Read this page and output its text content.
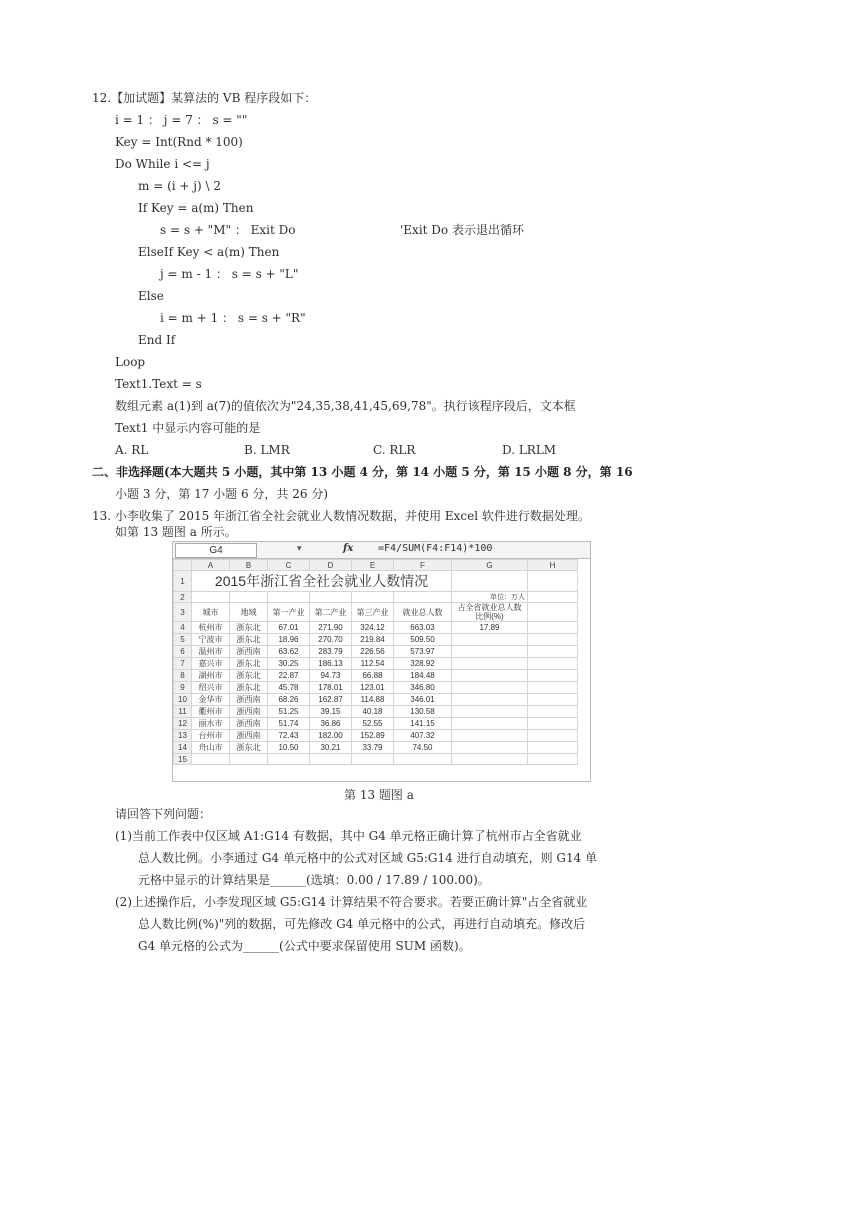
12.【加试题】某算法的 VB 程序段如下：
i = 1 ： j = 7 ： s = ""
Key = Int(Rnd * 100)
Do While i <= j
m = (i + j) \ 2
If Key = a(m) Then
s = s + "M" ： Exit Do	'Exit Do 表示退出循环
ElseIf Key < a(m) Then
j = m - 1 ： s = s + "L"
Else
i = m + 1 ： s = s + "R"
End If
Loop
Text1.Text = s
数组元素 a(1)到 a(7)的值依次为"24,35,38,41,45,69,78"。执行该程序段后，文本框
Text1 中显示内容可能的是
A. RL	B. LMR	C. RLR	D. LRLM
二、非选择题(本大题共 5 小题，其中第 13 小题 4 分，第 14 小题 5 分，第 15 小题 8 分，第 16
小题 3 分，第 17 小题 6 分，共 26 分)
13. 小李收集了 2015 年浙江省全社会就业人数情况数据，并使用 Excel 软件进行数据处理。
如第 13 题图 a 所示。
G4	▾	fx =F4/SUM(F4:F14)*100
	A	B	C	D	E	F	G	H
1	2015年浙江省全社会就业人数情况							
2							单位：万人	
3	城市	地域	第一产业	第二产业	第三产业	就业总人数	占全省就业总人数比例(%)	
4	杭州市	浙东北	67.01	271.90	324.12	663.03	17.89	
5	宁波市	浙东北	18.96	270.70	219.84	509.50		
6	温州市	浙西南	63.62	283.79	226.56	573.97		
7	嘉兴市	浙东北	30.25	186.13	112.54	328.92		
8	湖州市	浙东北	22.87	94.73	66.88	184.48		
9	绍兴市	浙东北	45.78	178.01	123.01	346.80		
10	金华市	浙西南	68.26	162.87	114.88	346.01		
11	衢州市	浙西南	51.25	39.15	40.18	130.58		
12	丽水市	浙西南	51.74	36.86	52.55	141.15		
13	台州市	浙西南	72.43	182.00	152.89	407.32		
14	舟山市	浙东北	10.50	30.21	33.79	74.50		
15								
第 13 题图 a
请回答下列问题：
(1)当前工作表中仅区域 A1:G14 有数据，其中 G4 单元格正确计算了杭州市占全省就业
总人数比例。小李通过 G4 单元格中的公式对区域 G5:G14 进行自动填充，则 G14 单
元格中显示的计算结果是______(选填：0.00 / 17.89 / 100.00)。
(2)上述操作后，小李发现区域 G5:G14 计算结果不符合要求。若要正确计算"占全省就业
总人数比例(%)"列的数据，可先修改 G4 单元格中的公式，再进行自动填充。修改后
G4 单元格的公式为______(公式中要求保留使用 SUM 函数)。
